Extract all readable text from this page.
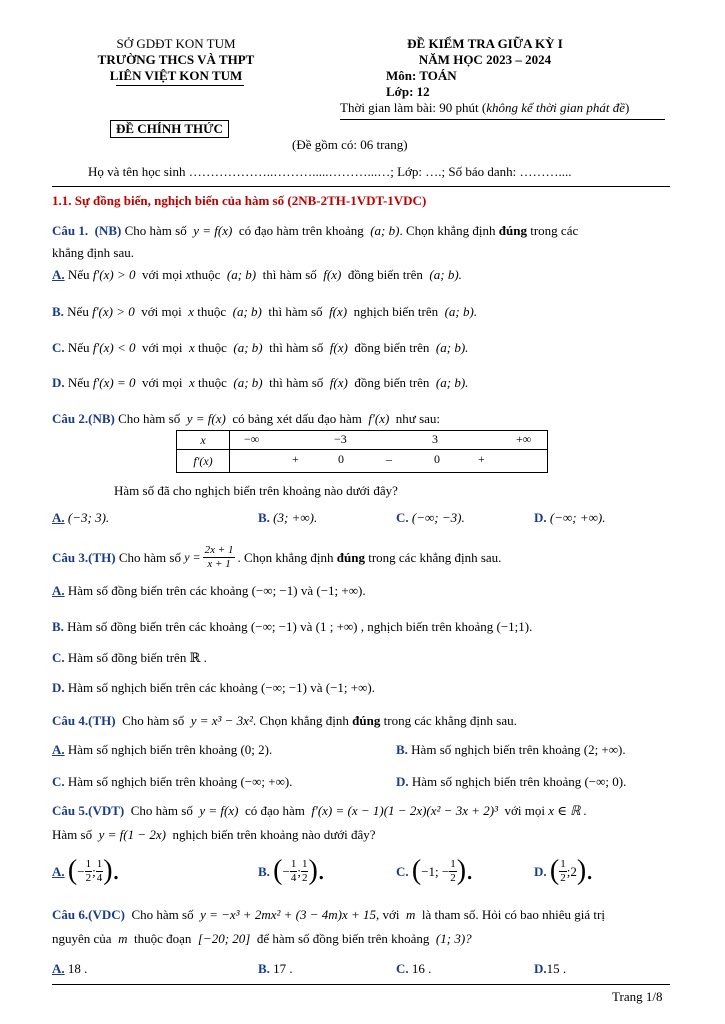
SỞ GDĐT KON TUM
TRƯỜNG THCS VÀ THPT
LIÊN VIỆT KON TUM
ĐỀ KIỂM TRA GIỮA KỲ I
NĂM HỌC 2023 – 2024
Môn: TOÁN
Lớp: 12
Thời gian làm bài: 90 phút (không kể thời gian phát đề)
ĐỀ CHÍNH THỨC
(Đề gồm có: 06 trang)
Họ và tên học sinh ………………..……….....………...…; Lớp: ….; Số báo danh: ………....
1.1. Sự đồng biến, nghịch biến của hàm số (2NB-2TH-1VDT-1VDC)
Câu 1. (NB) Cho hàm số y = f(x) có đạo hàm trên khoảng (a; b). Chọn khẳng định đúng trong các
khẳng định sau.
A. Nếu f′(x) > 0 với mọi xthuộc (a; b)  thì hàm số  f(x) đồng biến trên (a; b).
B. Nếu f′(x) > 0 với mọi x thuộc (a; b)  thì hàm số  f(x) nghịch biến trên (a; b).
C. Nếu f′(x) < 0 với mọi x thuộc (a; b)  thì hàm số  f(x) đồng biến trên (a; b).
D. Nếu f′(x) = 0 với mọi x thuộc (a; b)  thì hàm số  f(x) đồng biến trên (a; b).
Câu 2.(NB) Cho hàm số y = f(x) có bảng xét dấu đạo hàm f′(x) như sau:
x	−∞ −3 3 +∞

f′(x)	+ 0 – 0 +
Hàm số đã cho nghịch biến trên khoảng nào dưới đây?
A. (−3; 3).	B. (3; +∞).	C. (−∞; −3).	D. (−∞; +∞).
Câu 3. (TH)
Cho hàm số
$y = \frac{2x + 1}{x + 1}$ . Chọn khẳng định
đúng
trong các khẳng định sau.
A. Hàm số đồng biến trên các khoảng (−∞; −1) và (−1; +∞).
B. Hàm số đồng biến trên các khoảng (−∞; −1) và (1 ; +∞) , nghịch biến trên khoảng (−1;1).
C. Hàm số đồng biến trên ℝ .
D. Hàm số nghịch biến trên các khoảng (−∞; −1) và (−1; +∞).
Câu 4.(TH) Cho hàm số y = x³ − 3x². Chọn khẳng định đúng trong các khẳng định sau.
A. Hàm số nghịch biến trên khoảng (0; 2).	B. Hàm số nghịch biến trên khoảng (2; +∞).
C. Hàm số nghịch biến trên khoảng (−∞; +∞).	D. Hàm số nghịch biến trên khoảng (−∞; 0).
Câu 5.(VDT) Cho hàm số y = f(x) có đạo hàm f′(x) = (x − 1)(1 − 2x)(x² − 3x + 2)³ với mọi x ∈ ℝ .
Hàm số y = f(1 − 2x) nghịch biến trên khoảng nào dưới đây?
A.
( − $\frac{1}{2}$ ; $\frac{1}{4}$ ).	B.
( − $\frac{1}{4}$ ; $\frac{1}{2}$ ).	C.
( −1;
− $\frac{1}{2}$ ).	D.
( $\frac{1}{2}$ ;2 ).
Câu 6.(VDC) Cho hàm số y = −x³ + 2mx² + (3 − 4m)x + 15, với m là tham số. Hỏi có bao nhiêu giá trị
nguyên của m thuộc đoạn [−20; 20] để hàm số đồng biến trên khoảng (1; 3)?
A. 18 .	B. 17 .	C. 16 .	D.15 .
Trang 1/8
